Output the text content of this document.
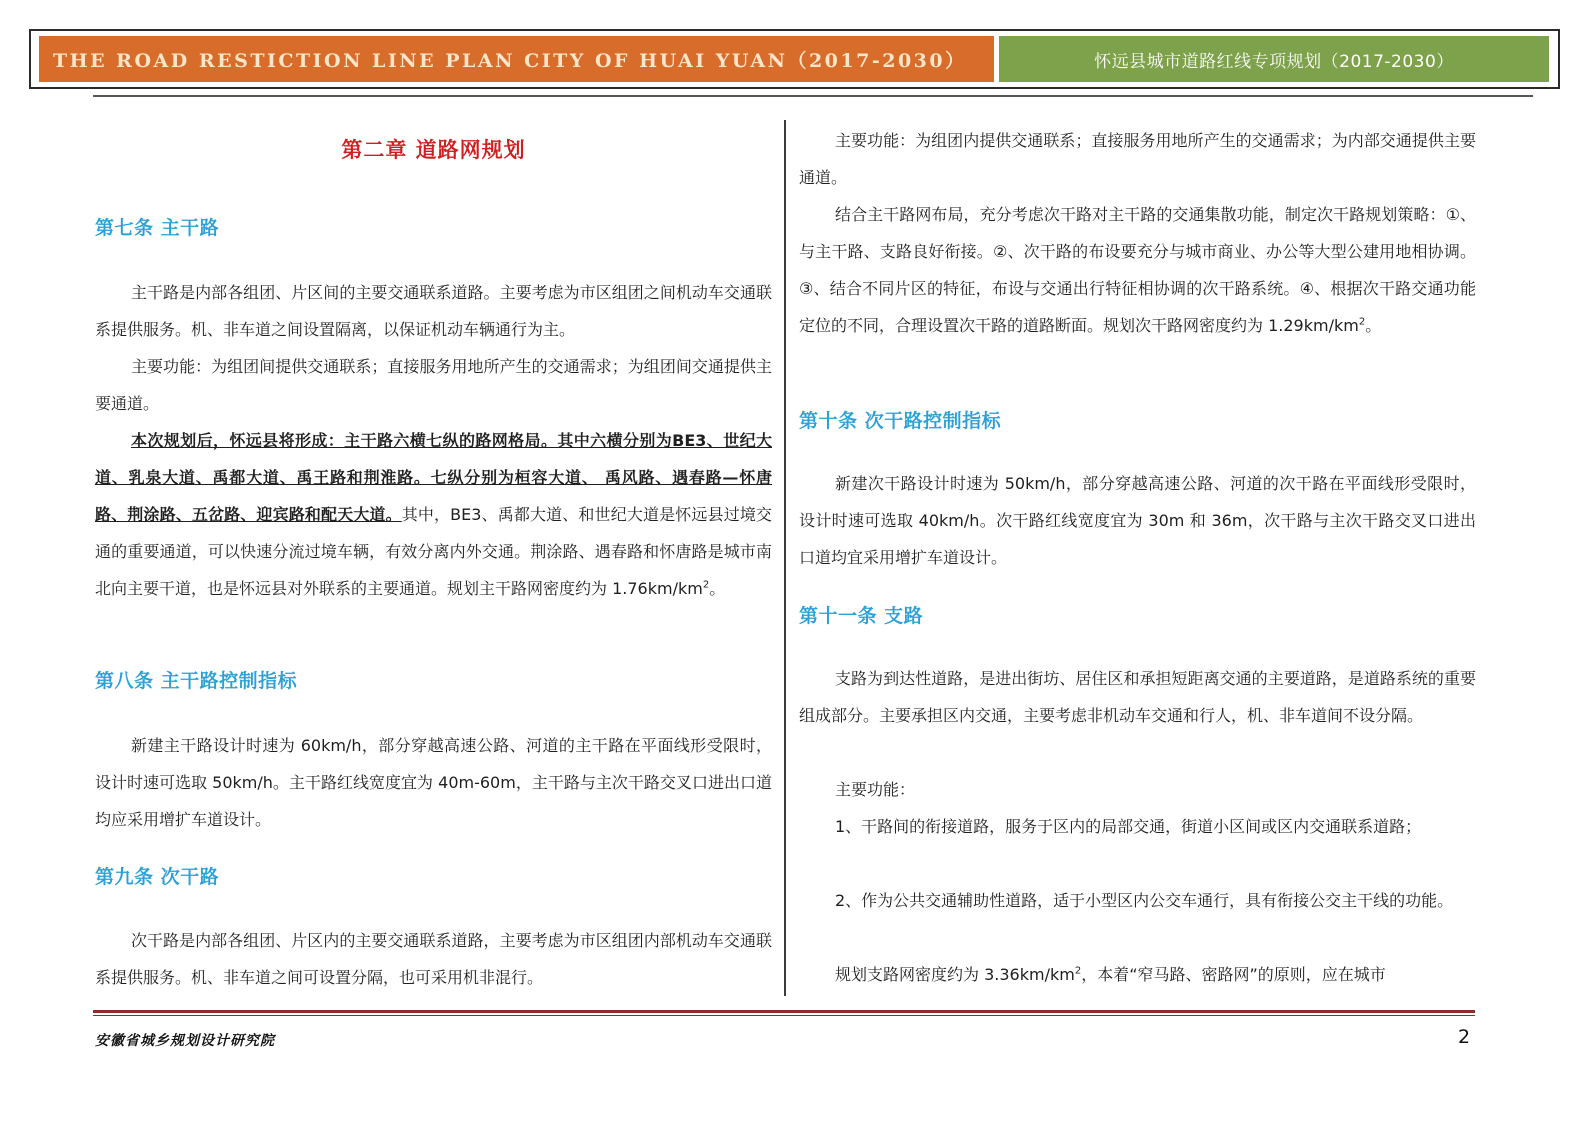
THE ROAD RESTICTION LINE PLAN CITY OF HUAI YUAN（2017-2030）	怀远县城市道路红线专项规划（2017-2030）
第二章 道路网规划
第七条 主干路

主干路是内部各组团、片区间的主要交通联系道路。主要考虑为市区组团之间机动车交通联系提供服务。机、非车道之间设置隔离，以保证机动车辆通行为主。

主要功能：为组团间提供交通联系；直接服务用地所产生的交通需求；为组团间交通提供主要通道。

本次规划后，怀远县将形成：主干路六横七纵的路网格局。其中六横分别为BE3、世纪大道、乳泉大道、禹都大道、禹王路和荆淮路。七纵分别为桓容大道、 禹风路、遇春路—怀唐路、荆涂路、五岔路、迎宾路和配天大道。其中，BE3、禹都大道、和世纪大道是怀远县过境交通的重要通道，可以快速分流过境车辆，有效分离内外交通。荆涂路、遇春路和怀唐路是城市南北向主要干道，也是怀远县对外联系的主要通道。规划主干路网密度约为 $1.76km/km^2$。

第八条 主干路控制指标

新建主干路设计时速为 60km/h，部分穿越高速公路、河道的主干路在平面线形受限时，设计时速可选取 50km/h。主干路红线宽度宜为 40m-60m，主干路与主次干路交叉口进出口道均应采用增扩车道设计。

第九条 次干路

次干路是内部各组团、片区内的主要交通联系道路，主要考虑为市区组团内部机动车交通联系提供服务。机、非车道之间可设置分隔，也可采用机非混行。

主要功能：为组团内提供交通联系；直接服务用地所产生的交通需求；为内部交通提供主要通道。

结合主干路网布局，充分考虑次干路对主干路的交通集散功能，制定次干路规划策略：①、与主干路、支路良好衔接。②、次干路的布设要充分与城市商业、办公等大型公建用地相协调。③、结合不同片区的特征，布设与交通出行特征相协调的次干路系统。④、根据次干路交通功能定位的不同，合理设置次干路的道路断面。规划次干路网密度约为 $1.29km/km^2$。

第十条 次干路控制指标

新建次干路设计时速为 50km/h，部分穿越高速公路、河道的次干路在平面线形受限时，设计时速可选取 40km/h。次干路红线宽度宜为 30m 和 36m，次干路与主次干路交叉口进出口道均宜采用增扩车道设计。

第十一条 支路

支路为到达性道路，是进出街坊、居住区和承担短距离交通的主要道路，是道路系统的重要组成部分。主要承担区内交通，主要考虑非机动车交通和行人，机、非车道间不设分隔。

主要功能：

1、干路间的衔接道路，服务于区内的局部交通，街道小区间或区内交通联系道路；

2、作为公共交通辅助性道路，适于小型区内公交车通行，具有衔接公交主干线的功能。

规划支路网密度约为 $3.36km/km^2$，本着“窄马路、密路网”的原则，应在城市

安徽省城乡规划设计研究院	2
